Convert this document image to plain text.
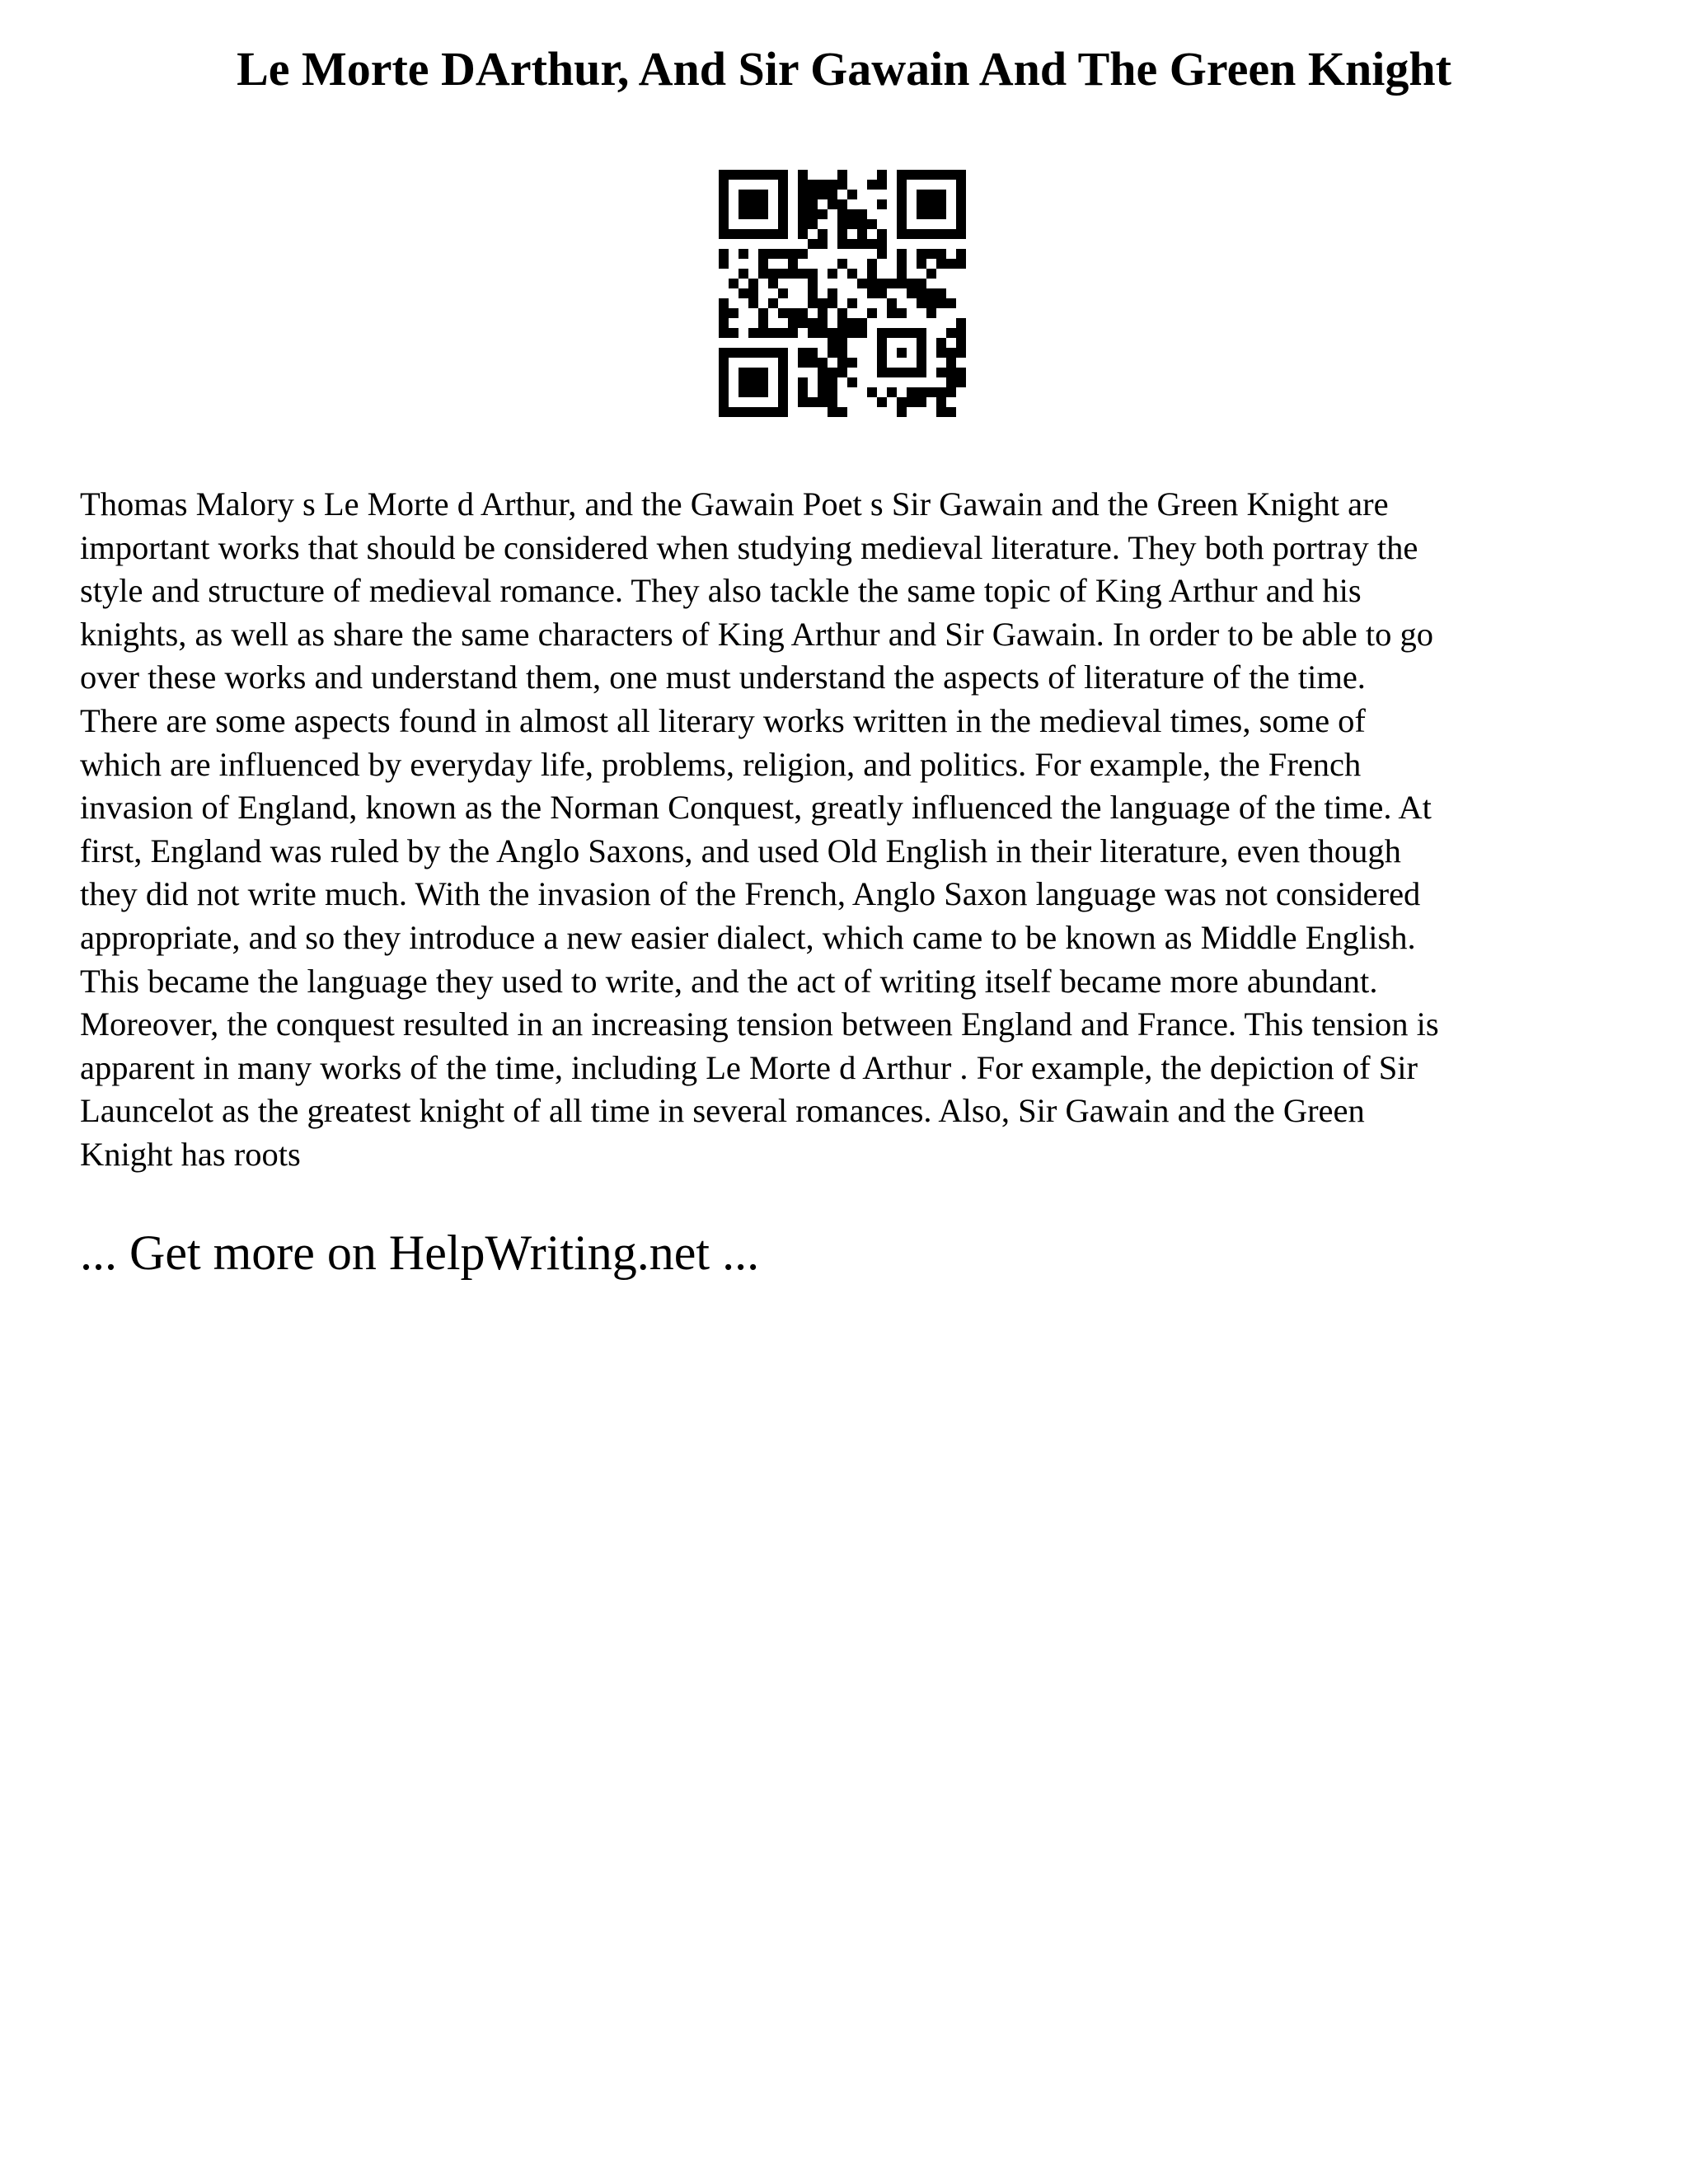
Le Morte DArthur, And Sir Gawain And The Green Knight
Thomas Malory s Le Morte d Arthur, and the Gawain Poet s Sir Gawain and the Green Knight are
important works that should be considered when studying medieval literature. They both portray the
style and structure of medieval romance. They also tackle the same topic of King Arthur and his
knights, as well as share the same characters of King Arthur and Sir Gawain. In order to be able to go
over these works and understand them, one must understand the aspects of literature of the time.
There are some aspects found in almost all literary works written in the medieval times, some of
which are influenced by everyday life, problems, religion, and politics. For example, the French
invasion of England, known as the Norman Conquest, greatly influenced the language of the time. At
first, England was ruled by the Anglo Saxons, and used Old English in their literature, even though
they did not write much. With the invasion of the French, Anglo Saxon language was not considered
appropriate, and so they introduce a new easier dialect, which came to be known as Middle English.
This became the language they used to write, and the act of writing itself became more abundant.
Moreover, the conquest resulted in an increasing tension between England and France. This tension is
apparent in many works of the time, including Le Morte d Arthur . For example, the depiction of Sir
Launcelot as the greatest knight of all time in several romances. Also, Sir Gawain and the Green
Knight has roots
... Get more on HelpWriting.net ...
